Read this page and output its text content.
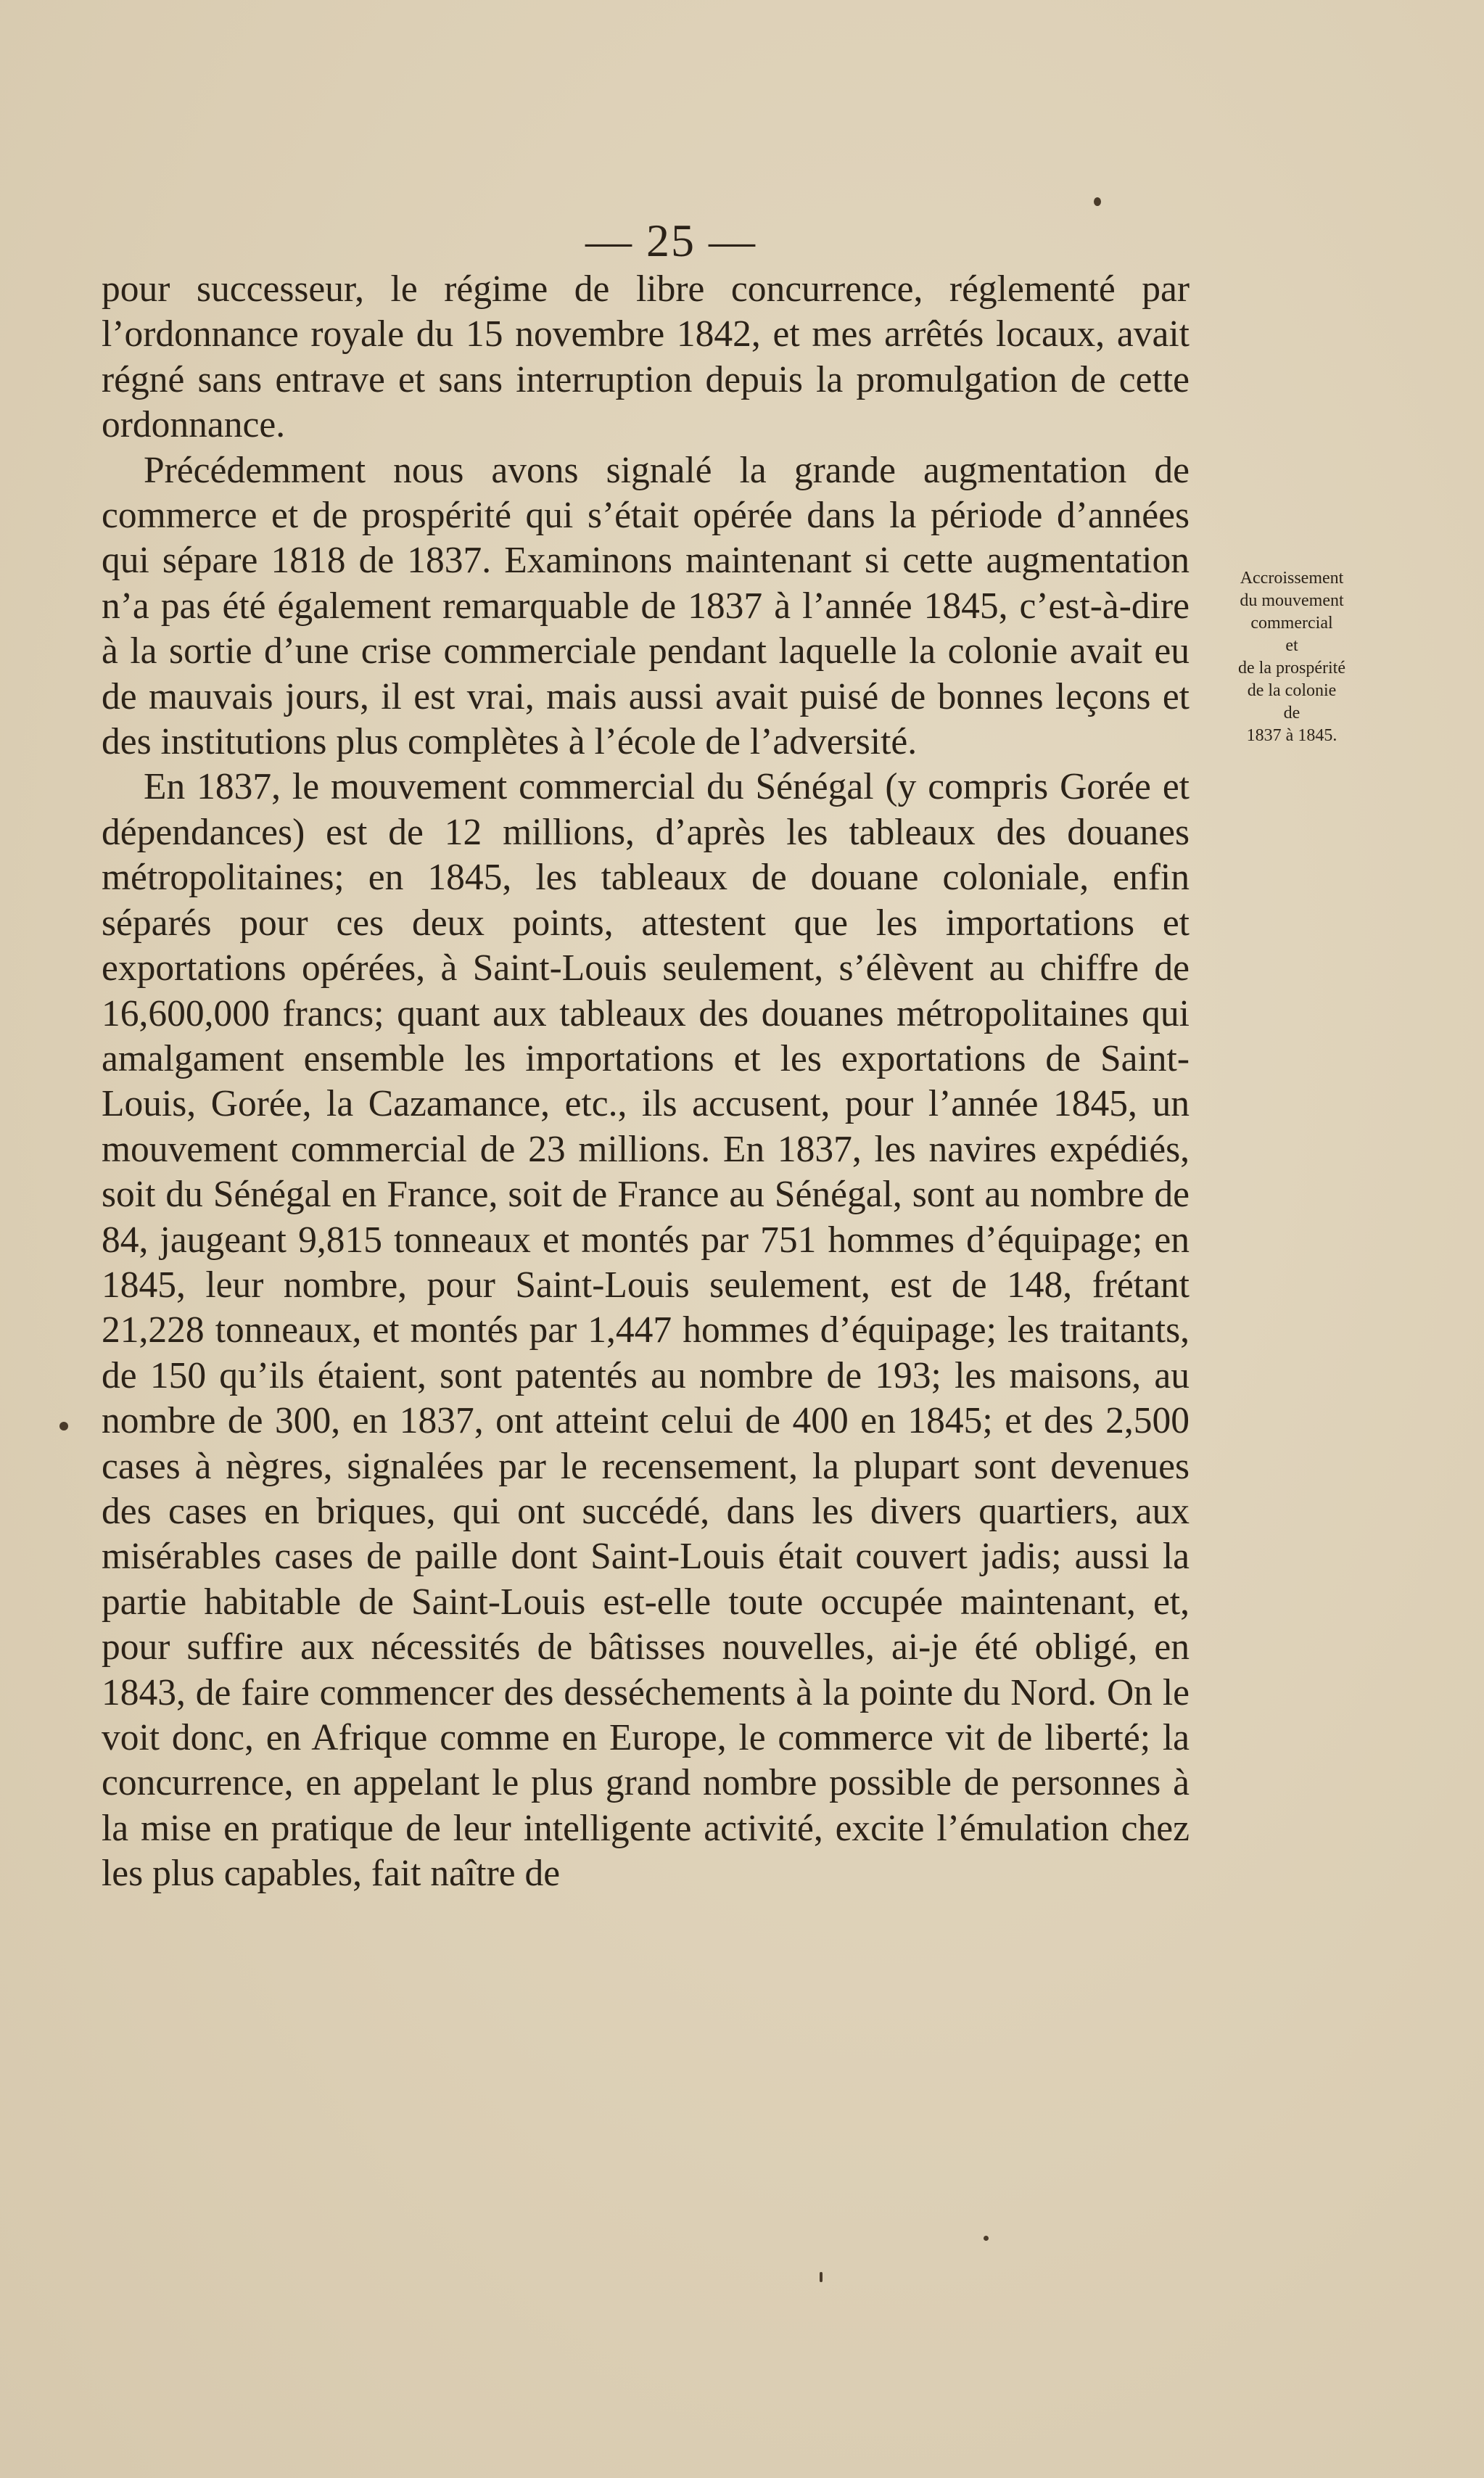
— 25 —

pour successeur, le régime de libre concurrence, réglementé par l’ordonnance royale du 15 novembre 1842, et mes arrêtés locaux, avait régné sans entrave et sans interruption depuis la promulgation de cette ordonnance.

Précédemment nous avons signalé la grande augmentation de commerce et de prospérité qui s’était opérée dans la période d’années qui sépare 1818 de 1837. Examinons maintenant si cette augmentation n’a pas été également remarquable de 1837 à l’année 1845, c’est-à-dire à la sortie d’une crise commerciale pendant laquelle la colonie avait eu de mauvais jours, il est vrai, mais aussi avait puisé de bonnes leçons et des institutions plus complètes à l’école de l’adversité.

En 1837, le mouvement commercial du Sénégal (y compris Gorée et dépendances) est de 12 millions, d’après les tableaux des douanes métropolitaines; en 1845, les tableaux de douane coloniale, enfin séparés pour ces deux points, attestent que les importations et exportations opérées, à Saint-Louis seulement, s’élèvent au chiffre de 16,600,000 francs; quant aux tableaux des douanes métropolitaines qui amalgament ensemble les importations et les exportations de Saint-Louis, Gorée, la Cazamance, etc., ils accusent, pour l’année 1845, un mouvement commercial de 23 millions. En 1837, les navires expédiés, soit du Sénégal en France, soit de France au Sénégal, sont au nombre de 84, jaugeant 9,815 tonneaux et montés par 751 hommes d’équipage; en 1845, leur nombre, pour Saint-Louis seulement, est de 148, frétant 21,228 tonneaux, et montés par 1,447 hommes d’équipage; les traitants, de 150 qu’ils étaient, sont patentés au nombre de 193; les maisons, au nombre de 300, en 1837, ont atteint celui de 400 en 1845; et des 2,500 cases à nègres, signalées par le recensement, la plupart sont devenues des cases en briques, qui ont succédé, dans les divers quartiers, aux misérables cases de paille dont Saint-Louis était couvert jadis; aussi la partie habitable de Saint-Louis est-elle toute occupée maintenant, et, pour suffire aux nécessités de bâtisses nouvelles, ai-je été obligé, en 1843, de faire commencer des desséchements à la pointe du Nord. On le voit donc, en Afrique comme en Europe, le commerce vit de liberté; la concurrence, en appelant le plus grand nombre possible de personnes à la mise en pratique de leur intelligente activité, excite l’émulation chez les plus capables, fait naître de

Accroissement
du mouvement
commercial
et
de la prospérité
de la colonie
de
1837 à 1845.
